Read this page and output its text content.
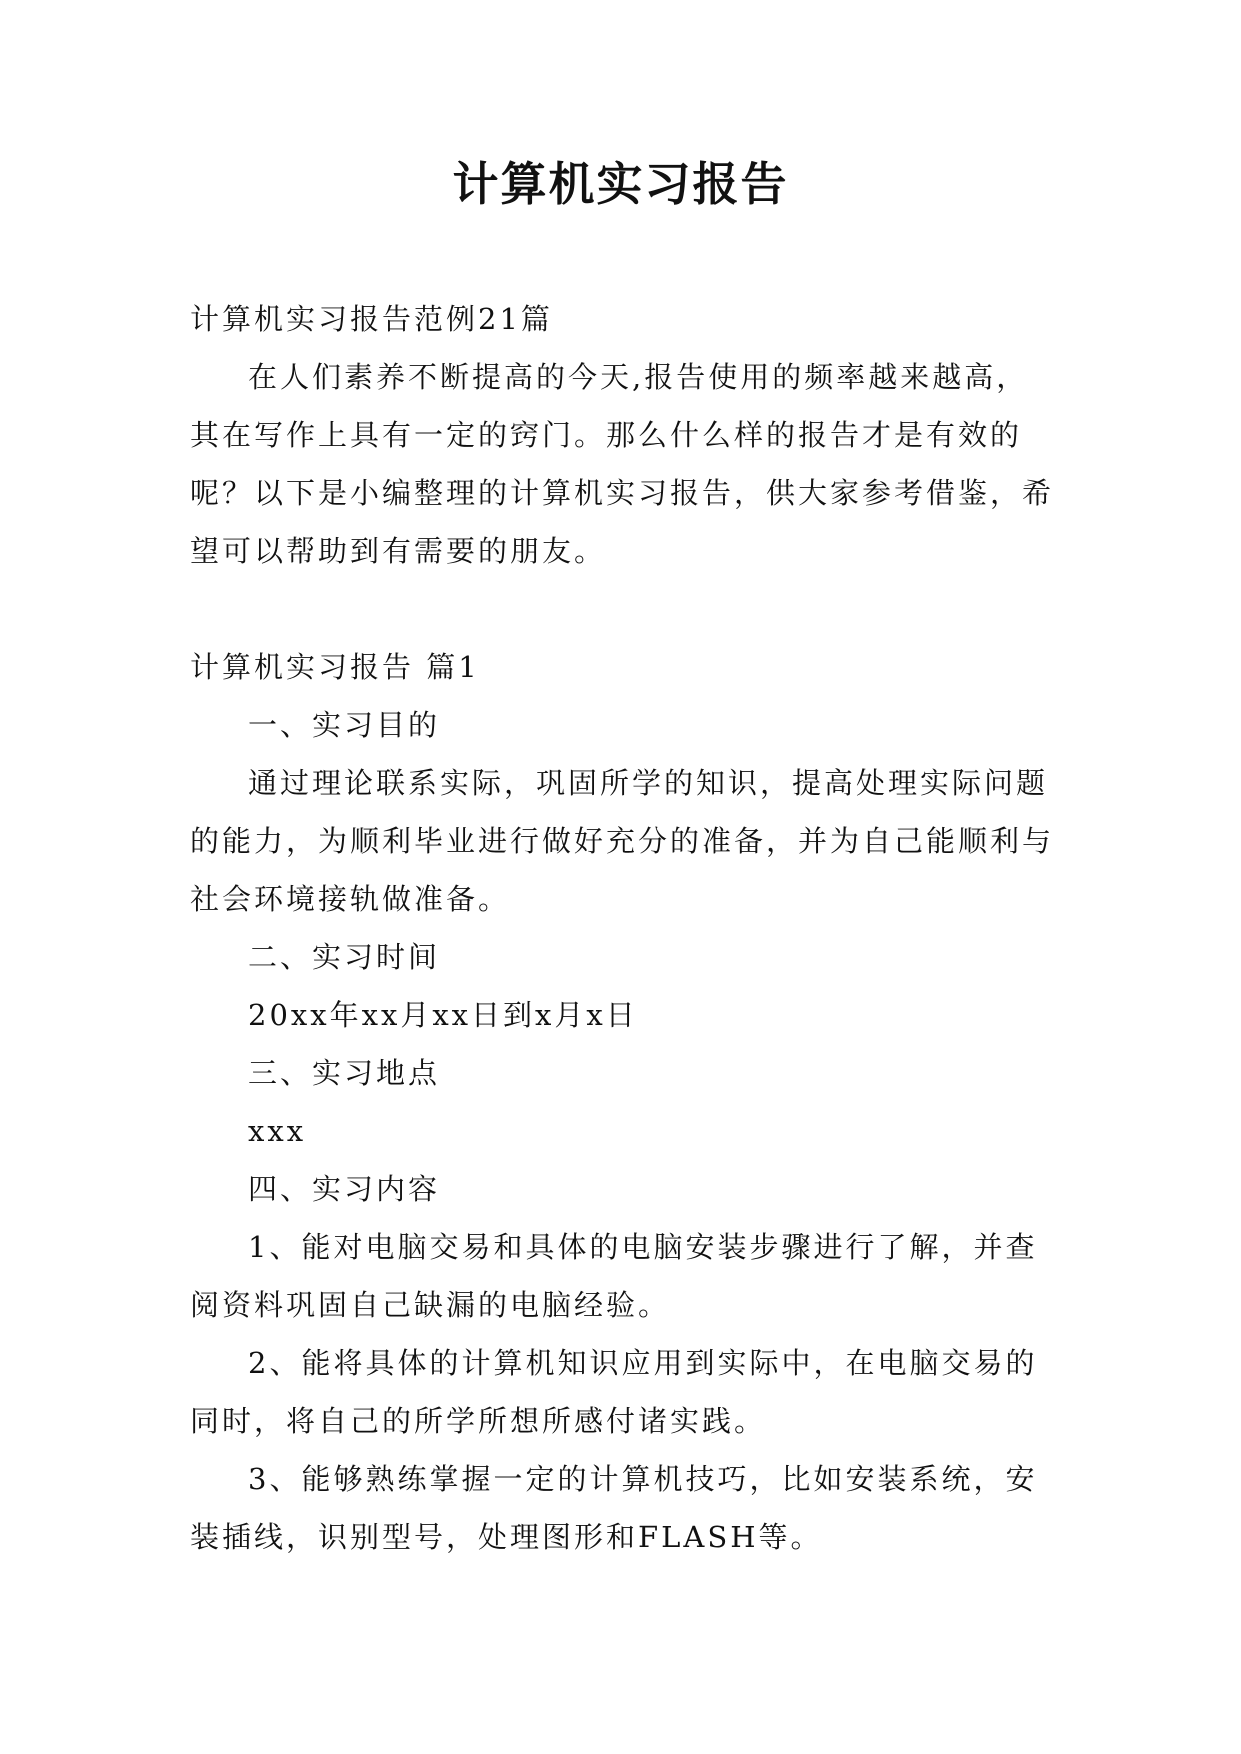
计算机实习报告

计算机实习报告范例21篇

在人们素养不断提高的今天,报告使用的频率越来越高，其在写作上具有一定的窍门。那么什么样的报告才是有效的呢？以下是小编整理的计算机实习报告，供大家参考借鉴，希望可以帮助到有需要的朋友。

计算机实习报告 篇1

一、实习目的

通过理论联系实际，巩固所学的知识，提高处理实际问题的能力，为顺利毕业进行做好充分的准备，并为自己能顺利与社会环境接轨做准备。

二、实习时间

20xx年xx月xx日到x月x日

三、实习地点

xxx

四、实习内容

1、能对电脑交易和具体的电脑安装步骤进行了解，并查阅资料巩固自己缺漏的电脑经验。

2、能将具体的计算机知识应用到实际中，在电脑交易的同时，将自己的所学所想所感付诸实践。

3、能够熟练掌握一定的计算机技巧，比如安装系统，安装插线，识别型号，处理图形和FLASH等。
